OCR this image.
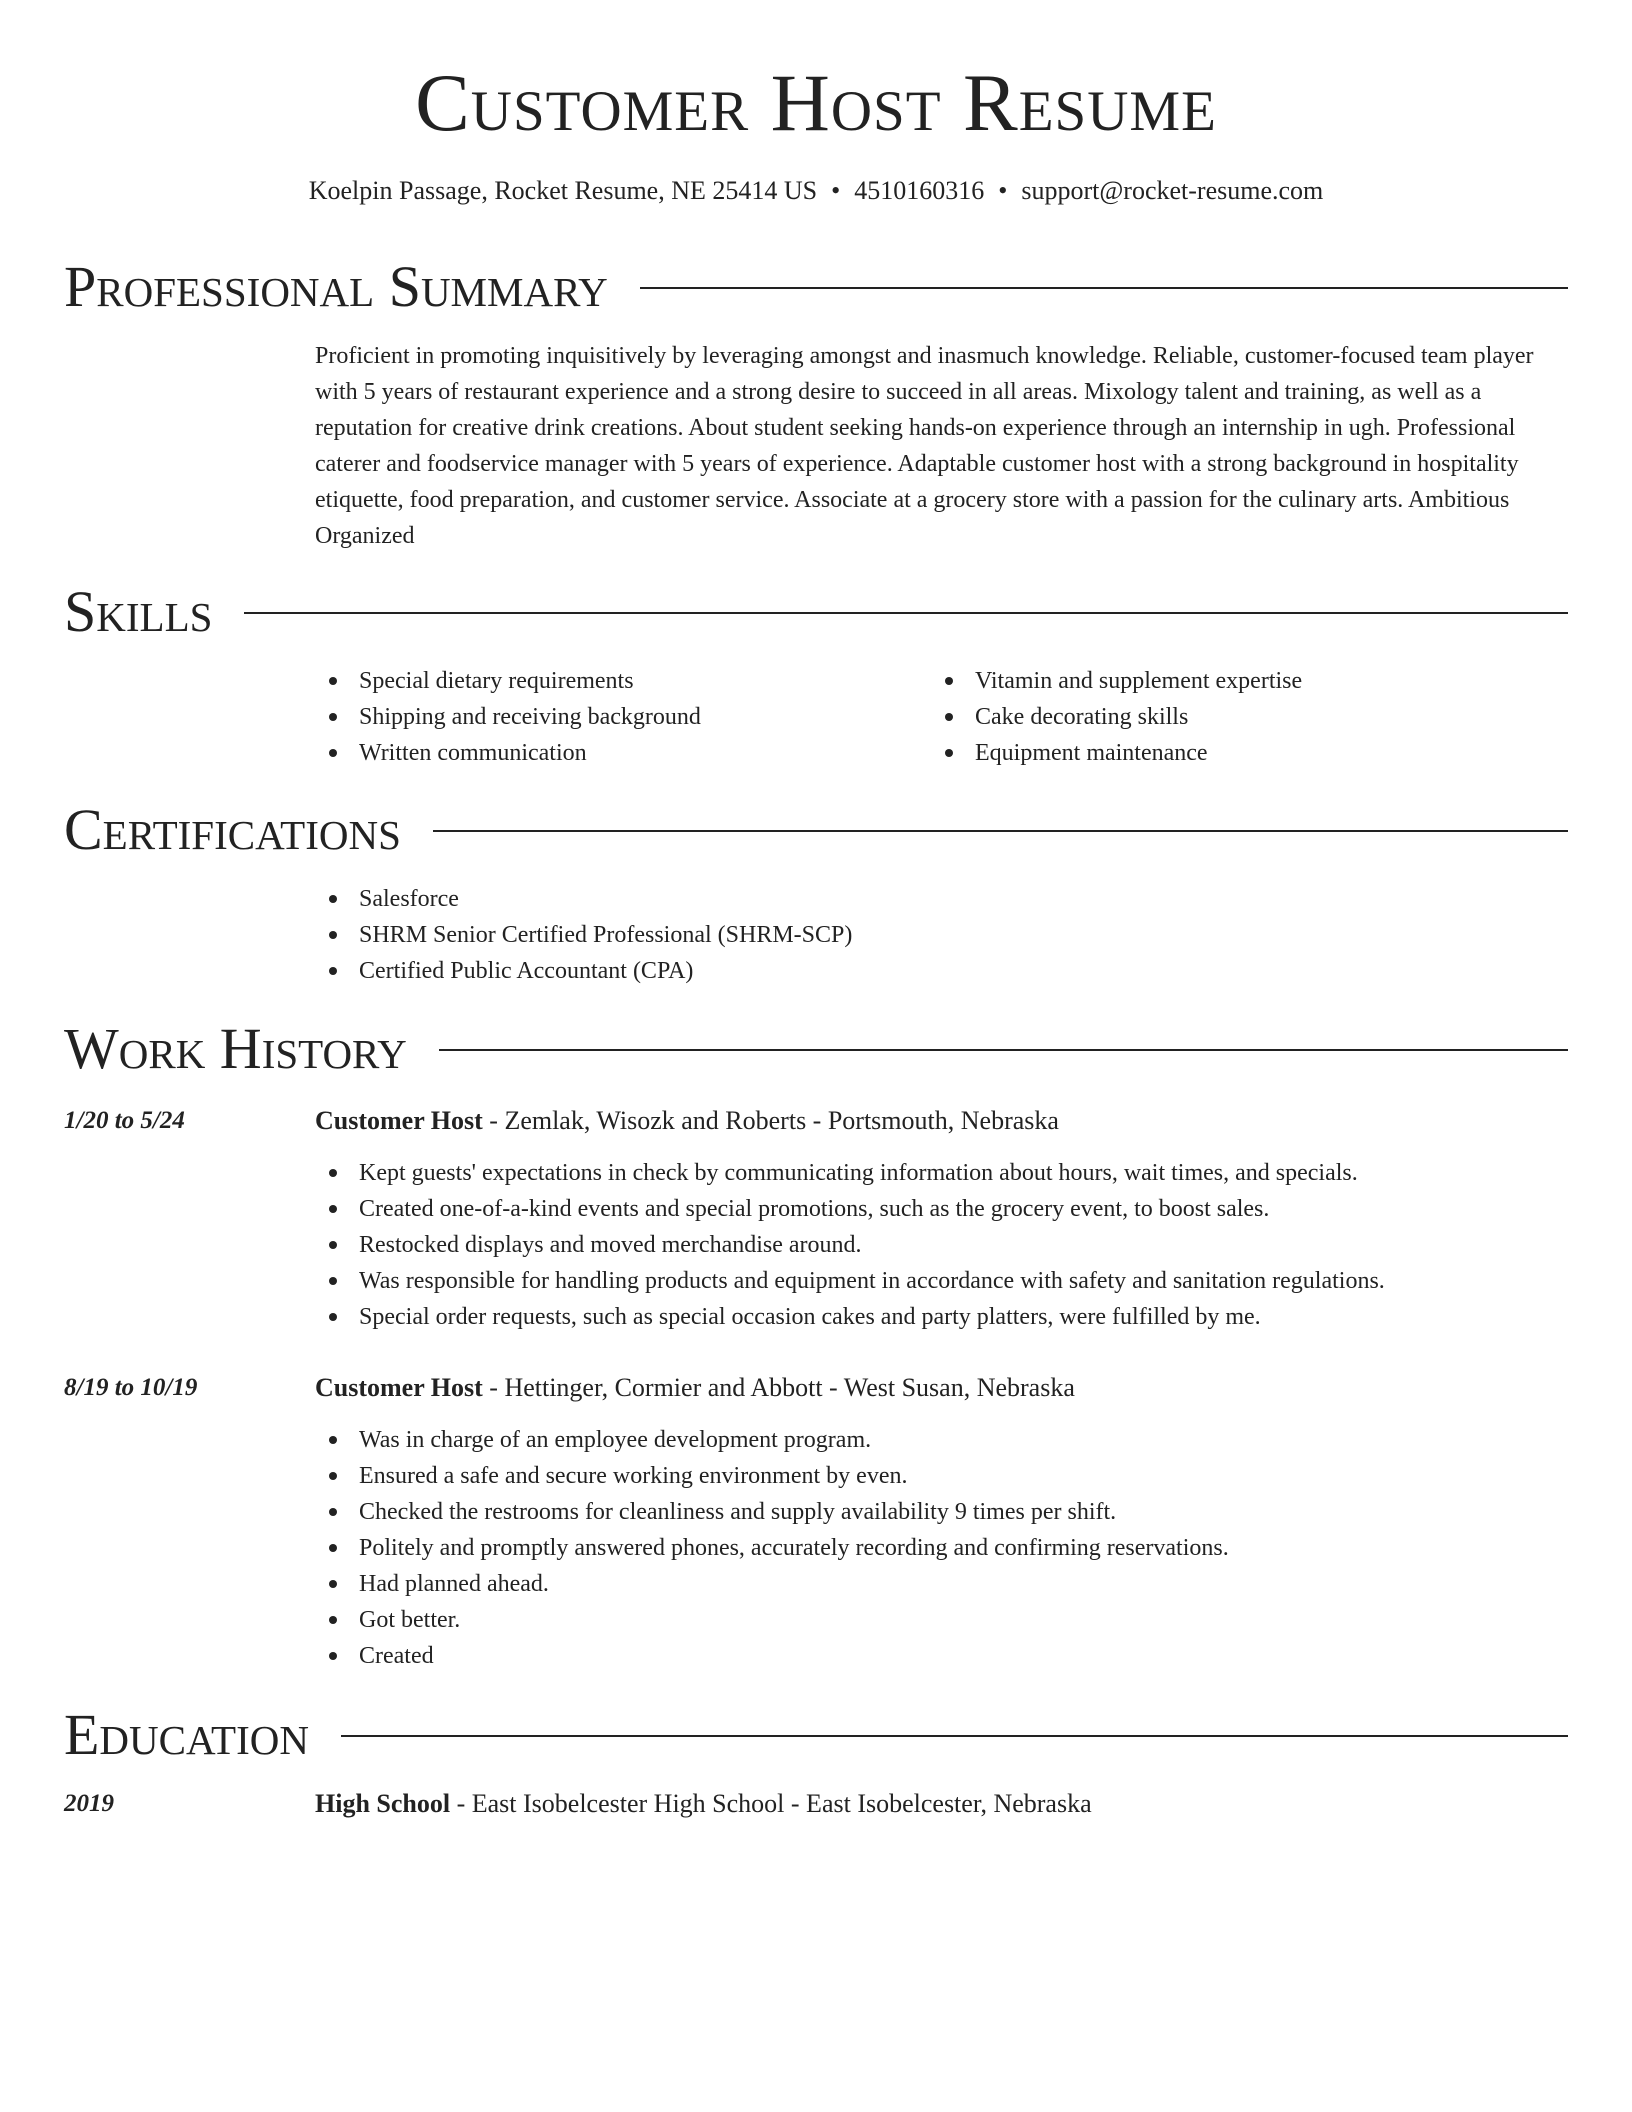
Customer Host Resume
Koelpin Passage, Rocket Resume, NE 25414 US • 4510160316 • support@rocket-resume.com
Professional Summary

Proficient in promoting inquisitively by leveraging amongst and inasmuch knowledge. Reliable, customer-focused team player with 5 years of restaurant experience and a strong desire to succeed in all areas. Mixology talent and training, as well as a reputation for creative drink creations. About student seeking hands-on experience through an internship in ugh. Professional caterer and foodservice manager with 5 years of experience. Adaptable customer host with a strong background in hospitality etiquette, food preparation, and customer service. Associate at a grocery store with a passion for the culinary arts. Ambitious Organized

Skills
Special dietary requirements
Shipping and receiving background
Written communication
Vitamin and supplement expertise
Cake decorating skills
Equipment maintenance
Certifications
Salesforce
SHRM Senior Certified Professional (SHRM-SCP)
Certified Public Accountant (CPA)
Work History
1/20 to 5/24	Customer Host - Zemlak, Wisozk and Roberts - Portsmouth, Nebraska
Kept guests' expectations in check by communicating information about hours, wait times, and specials.
Created one-of-a-kind events and special promotions, such as the grocery event, to boost sales.
Restocked displays and moved merchandise around.
Was responsible for handling products and equipment in accordance with safety and sanitation regulations.
Special order requests, such as special occasion cakes and party platters, were fulfilled by me.
8/19 to 10/19	Customer Host - Hettinger, Cormier and Abbott - West Susan, Nebraska
Was in charge of an employee development program.
Ensured a safe and secure working environment by even.
Checked the restrooms for cleanliness and supply availability 9 times per shift.
Politely and promptly answered phones, accurately recording and confirming reservations.
Had planned ahead.
Got better.
Created
Education
2019	High School - East Isobelcester High School - East Isobelcester, Nebraska
